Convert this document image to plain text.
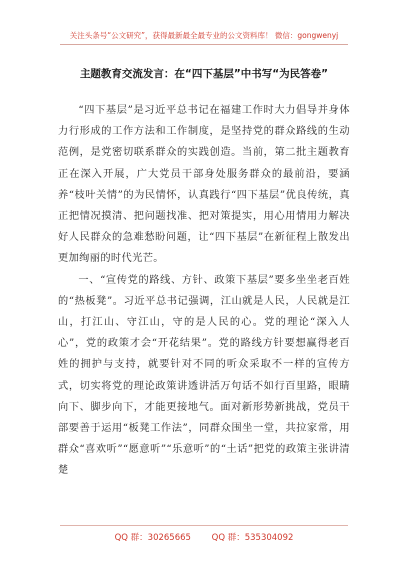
关注头条号“公文研究”，获得最新最全最专业的公文资料库！ 微信：gongwenyj
主题教育交流发言：在“四下基层”中书写“为民答卷”

“四下基层”是习近平总书记在福建工作时大力倡导并身体力行形成的工作方法和工作制度，是坚持党的群众路线的生动范例，是党密切联系群众的实践创造。当前，第二批主题教育正在深入开展，广大党员干部身处服务群众的最前沿，要涵养“枝叶关情”的为民情怀，认真践行“四下基层”优良传统，真正把情况摸清、把问题找准、把对策提实，用心用情用力解决好人民群众的急难愁盼问题，让“四下基层”在新征程上散发出更加绚丽的时代光芒。

一、“宣传党的路线、方针、政策下基层”要多坐坐老百姓的“热板凳”。习近平总书记强调，江山就是人民，人民就是江山，打江山、守江山，守的是人民的心。党的理论“深入人心”，党的政策才会“开花结果”。党的路线方针要想赢得老百姓的拥护与支持，就要针对不同的听众采取不一样的宣传方式，切实将党的理论政策讲透讲活万句话不如行百里路，眼睛向下、脚步向下，才能更接地气。面对新形势新挑战，党员干部要善于运用“板凳工作法”，同群众围坐一堂，共拉家常，用群众“喜欢听”“愿意听”“乐意听”的“土话”把党的政策主张讲清楚

QQ 群：30265665 QQ 群：535304092
